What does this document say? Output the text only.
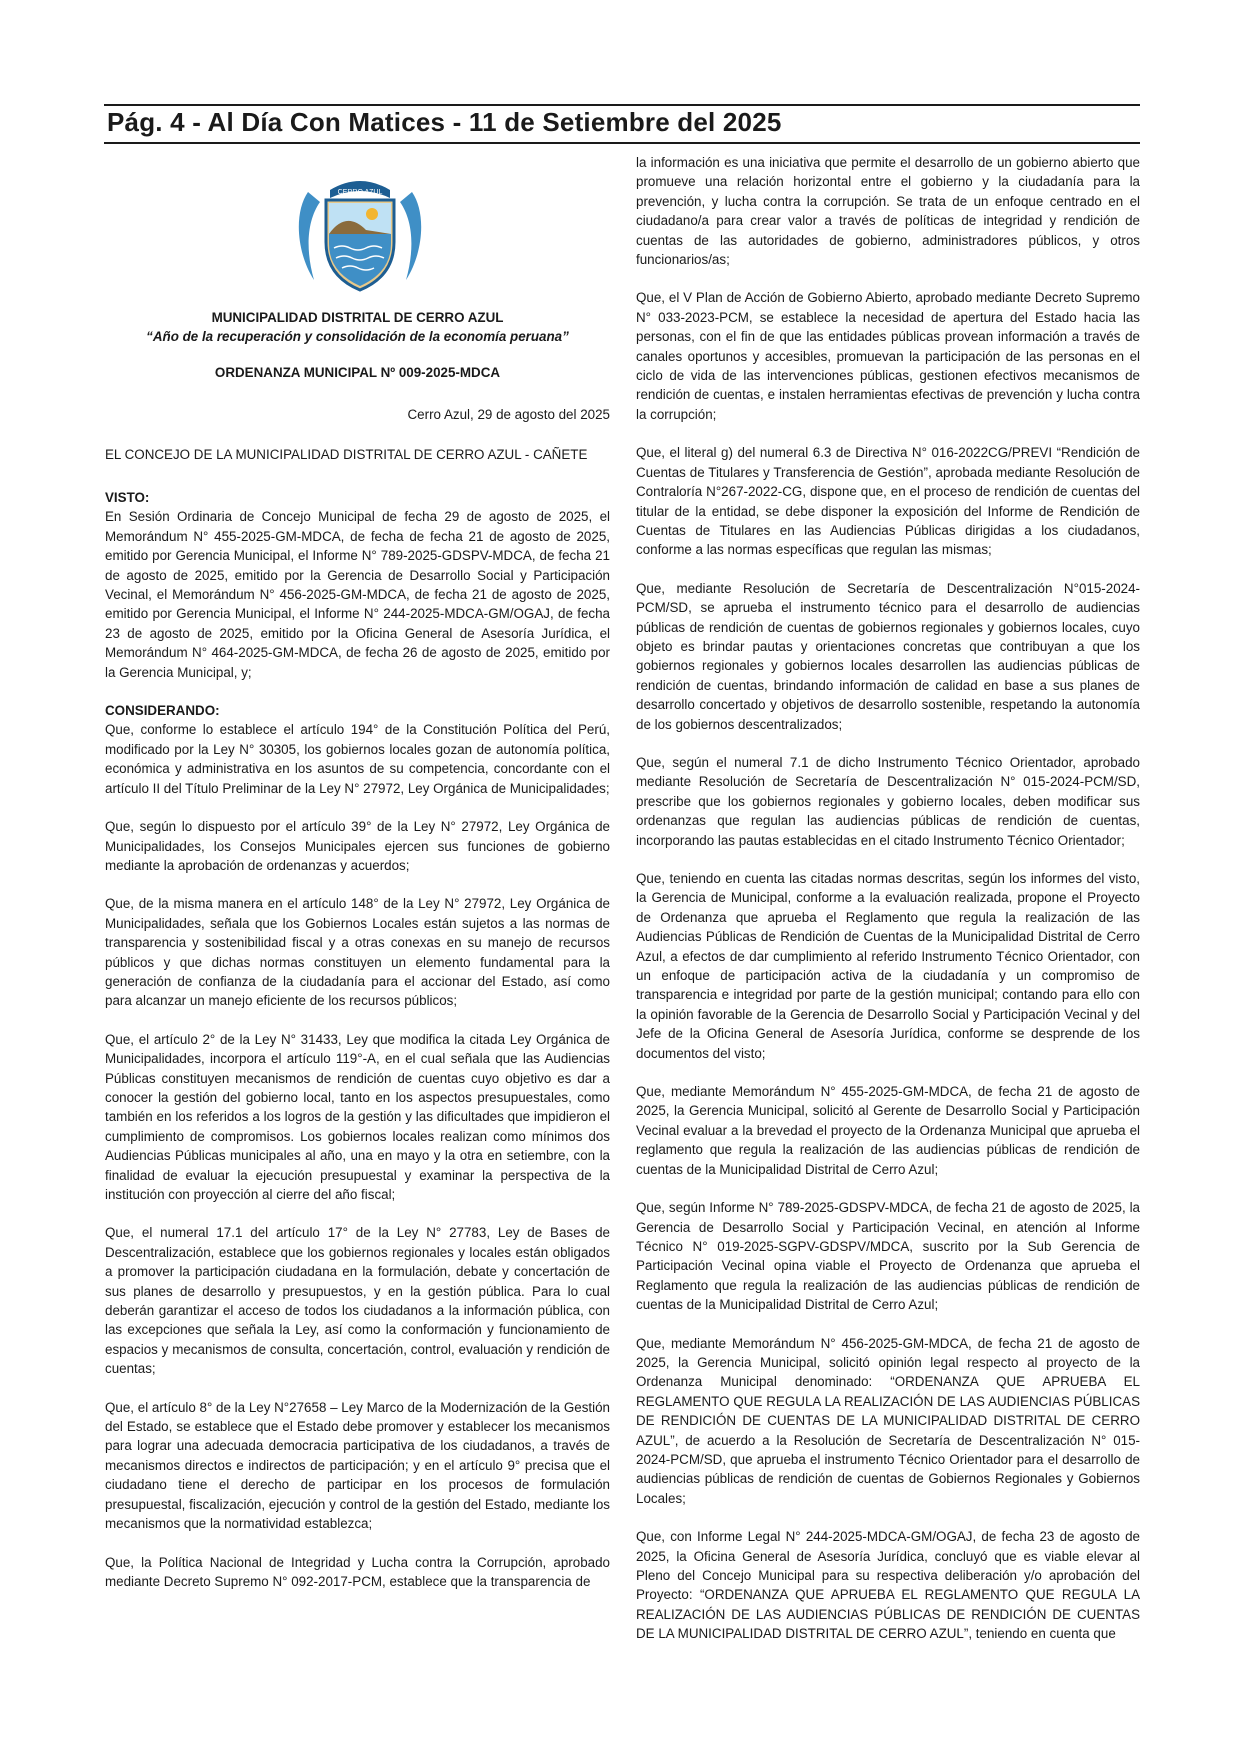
Pág. 4 - Al Día Con Matices - 11 de Setiembre del 2025
CERRO AZUL
MUNICIPALIDAD DISTRITAL DE CERRO AZUL
“Año de la recuperación y consolidación de la economía peruana”
ORDENANZA MUNICIPAL Nº 009-2025-MDCA
Cerro Azul, 29 de agosto del 2025
EL CONCEJO DE LA MUNICIPALIDAD DISTRITAL DE CERRO AZUL - CAÑETE

VISTO:

En Sesión Ordinaria de Concejo Municipal de fecha 29 de agosto de 2025, el Memorándum N° 455-2025-GM-MDCA, de fecha de fecha 21 de agosto de 2025, emitido por Gerencia Municipal, el Informe N° 789-2025-GDSPV-MDCA, de fecha 21 de agosto de 2025, emitido por la Gerencia de Desarrollo Social y Participación Vecinal, el Memorándum N° 456-2025-GM-MDCA, de fecha 21 de agosto de 2025, emitido por Gerencia Municipal, el Informe N° 244-2025-MDCA-GM/OGAJ, de fecha 23 de agosto de 2025, emitido por la Oficina General de Asesoría Jurídica, el Memorándum N° 464-2025-GM-MDCA, de fecha 26 de agosto de 2025, emitido por la Gerencia Municipal, y;

CONSIDERANDO:

Que, conforme lo establece el artículo 194° de la Constitución Política del Perú, modificado por la Ley N° 30305, los gobiernos locales gozan de autonomía política, económica y administrativa en los asuntos de su competencia, concordante con el artículo II del Título Preliminar de la Ley N° 27972, Ley Orgánica de Municipalidades;

Que, según lo dispuesto por el artículo 39° de la Ley N° 27972, Ley Orgánica de Municipalidades, los Consejos Municipales ejercen sus funciones de gobierno mediante la aprobación de ordenanzas y acuerdos;

Que, de la misma manera en el artículo 148° de la Ley N° 27972, Ley Orgánica de Municipalidades, señala que los Gobiernos Locales están sujetos a las normas de transparencia y sostenibilidad fiscal y a otras conexas en su manejo de recursos públicos y que dichas normas constituyen un elemento fundamental para la generación de confianza de la ciudadanía para el accionar del Estado, así como para alcanzar un manejo eficiente de los recursos públicos;

Que, el artículo 2° de la Ley N° 31433, Ley que modifica la citada Ley Orgánica de Municipalidades, incorpora el artículo 119°-A, en el cual señala que las Audiencias Públicas constituyen mecanismos de rendición de cuentas cuyo objetivo es dar a conocer la gestión del gobierno local, tanto en los aspectos presupuestales, como también en los referidos a los logros de la gestión y las dificultades que impidieron el cumplimiento de compromisos. Los gobiernos locales realizan como mínimos dos Audiencias Públicas municipales al año, una en mayo y la otra en setiembre, con la finalidad de evaluar la ejecución presupuestal y examinar la perspectiva de la institución con proyección al cierre del año fiscal;

Que, el numeral 17.1 del artículo 17° de la Ley N° 27783, Ley de Bases de Descentralización, establece que los gobiernos regionales y locales están obligados a promover la participación ciudadana en la formulación, debate y concertación de sus planes de desarrollo y presupuestos, y en la gestión pública. Para lo cual deberán garantizar el acceso de todos los ciudadanos a la información pública, con las excepciones que señala la Ley, así como la conformación y funcionamiento de espacios y mecanismos de consulta, concertación, control, evaluación y rendición de cuentas;

Que, el artículo 8° de la Ley N°27658 – Ley Marco de la Modernización de la Gestión del Estado, se establece que el Estado debe promover y establecer los mecanismos para lograr una adecuada democracia participativa de los ciudadanos, a través de mecanismos directos e indirectos de participación; y en el artículo 9° precisa que el ciudadano tiene el derecho de participar en los procesos de formulación presupuestal, fiscalización, ejecución y control de la gestión del Estado, mediante los mecanismos que la normatividad establezca;

Que, la Política Nacional de Integridad y Lucha contra la Corrupción, aprobado mediante Decreto Supremo N° 092-2017-PCM, establece que la transparencia de

la información es una iniciativa que permite el desarrollo de un gobierno abierto que promueve una relación horizontal entre el gobierno y la ciudadanía para la prevención, y lucha contra la corrupción. Se trata de un enfoque centrado en el ciudadano/a para crear valor a través de políticas de integridad y rendición de cuentas de las autoridades de gobierno, administradores públicos, y otros funcionarios/as;

Que, el V Plan de Acción de Gobierno Abierto, aprobado mediante Decreto Supremo N° 033-2023-PCM, se establece la necesidad de apertura del Estado hacia las personas, con el fin de que las entidades públicas provean información a través de canales oportunos y accesibles, promuevan la participación de las personas en el ciclo de vida de las intervenciones públicas, gestionen efectivos mecanismos de rendición de cuentas, e instalen herramientas efectivas de prevención y lucha contra la corrupción;

Que, el literal g) del numeral 6.3 de Directiva N° 016-2022CG/PREVI “Rendición de Cuentas de Titulares y Transferencia de Gestión”, aprobada mediante Resolución de Contraloría N°267-2022-CG, dispone que, en el proceso de rendición de cuentas del titular de la entidad, se debe disponer la exposición del Informe de Rendición de Cuentas de Titulares en las Audiencias Públicas dirigidas a los ciudadanos, conforme a las normas específicas que regulan las mismas;

Que, mediante Resolución de Secretaría de Descentralización N°015-2024-PCM/SD, se aprueba el instrumento técnico para el desarrollo de audiencias públicas de rendición de cuentas de gobiernos regionales y gobiernos locales, cuyo objeto es brindar pautas y orientaciones concretas que contribuyan a que los gobiernos regionales y gobiernos locales desarrollen las audiencias públicas de rendición de cuentas, brindando información de calidad en base a sus planes de desarrollo concertado y objetivos de desarrollo sostenible, respetando la autonomía de los gobiernos descentralizados;

Que, según el numeral 7.1 de dicho Instrumento Técnico Orientador, aprobado mediante Resolución de Secretaría de Descentralización N° 015-2024-PCM/SD, prescribe que los gobiernos regionales y gobierno locales, deben modificar sus ordenanzas que regulan las audiencias públicas de rendición de cuentas, incorporando las pautas establecidas en el citado Instrumento Técnico Orientador;

Que, teniendo en cuenta las citadas normas descritas, según los informes del visto, la Gerencia de Municipal, conforme a la evaluación realizada, propone el Proyecto de Ordenanza que aprueba el Reglamento que regula la realización de las Audiencias Públicas de Rendición de Cuentas de la Municipalidad Distrital de Cerro Azul, a efectos de dar cumplimiento al referido Instrumento Técnico Orientador, con un enfoque de participación activa de la ciudadanía y un compromiso de transparencia e integridad por parte de la gestión municipal; contando para ello con la opinión favorable de la Gerencia de Desarrollo Social y Participación Vecinal y del Jefe de la Oficina General de Asesoría Jurídica, conforme se desprende de los documentos del visto;

Que, mediante Memorándum N° 455-2025-GM-MDCA, de fecha 21 de agosto de 2025, la Gerencia Municipal, solicitó al Gerente de Desarrollo Social y Participación Vecinal evaluar a la brevedad el proyecto de la Ordenanza Municipal que aprueba el reglamento que regula la realización de las audiencias públicas de rendición de cuentas de la Municipalidad Distrital de Cerro Azul;

Que, según Informe N° 789-2025-GDSPV-MDCA, de fecha 21 de agosto de 2025, la Gerencia de Desarrollo Social y Participación Vecinal, en atención al Informe Técnico N° 019-2025-SGPV-GDSPV/MDCA, suscrito por la Sub Gerencia de Participación Vecinal opina viable el Proyecto de Ordenanza que aprueba el Reglamento que regula la realización de las audiencias públicas de rendición de cuentas de la Municipalidad Distrital de Cerro Azul;

Que, mediante Memorándum N° 456-2025-GM-MDCA, de fecha 21 de agosto de 2025, la Gerencia Municipal, solicitó opinión legal respecto al proyecto de la Ordenanza Municipal denominado: “ORDENANZA QUE APRUEBA EL REGLAMENTO QUE REGULA LA REALIZACIÓN DE LAS AUDIENCIAS PÚBLICAS DE RENDICIÓN DE CUENTAS DE LA MUNICIPALIDAD DISTRITAL DE CERRO AZUL”, de acuerdo a la Resolución de Secretaría de Descentralización N° 015-2024-PCM/SD, que aprueba el instrumento Técnico Orientador para el desarrollo de audiencias públicas de rendición de cuentas de Gobiernos Regionales y Gobiernos Locales;

Que, con Informe Legal N° 244-2025-MDCA-GM/OGAJ, de fecha 23 de agosto de 2025, la Oficina General de Asesoría Jurídica, concluyó que es viable elevar al Pleno del Concejo Municipal para su respectiva deliberación y/o aprobación del Proyecto: “ORDENANZA QUE APRUEBA EL REGLAMENTO QUE REGULA LA REALIZACIÓN DE LAS AUDIENCIAS PÚBLICAS DE RENDICIÓN DE CUENTAS DE LA MUNICIPALIDAD DISTRITAL DE CERRO AZUL”, teniendo en cuenta que
